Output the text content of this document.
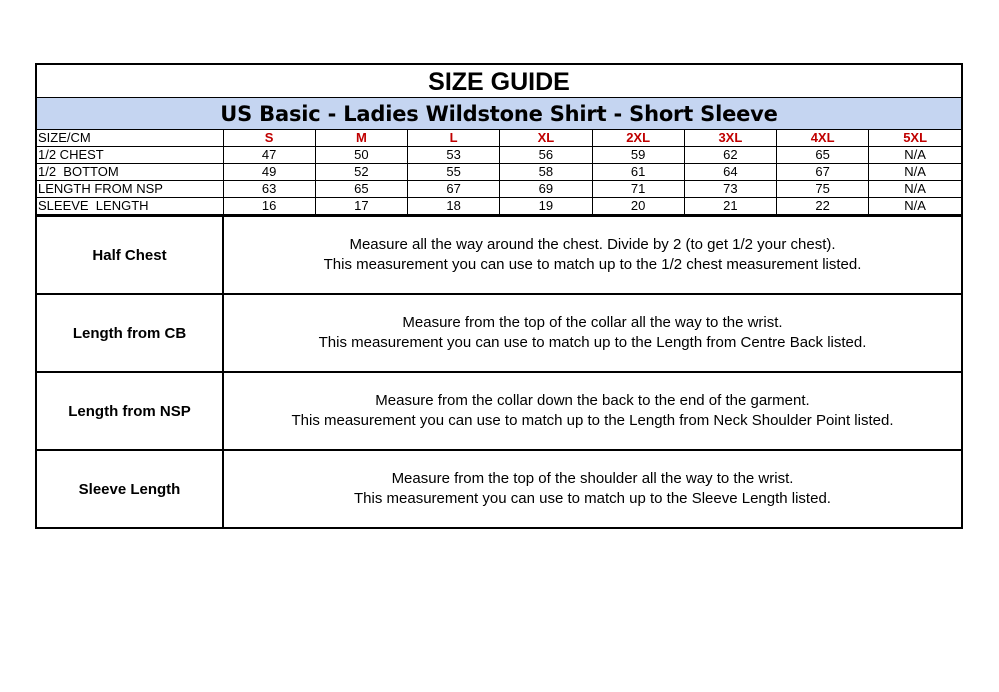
SIZE GUIDE
US Basic - Ladies Wildstone Shirt - Short Sleeve
SIZE/CM	S	M	L	XL	2XL	3XL	4XL	5XL
1/2 CHEST	47	50	53	56	59	62	65	N/A
1/2  BOTTOM	49	52	55	58	61	64	67	N/A
LENGTH FROM NSP	63	65	67	69	71	73	75	N/A
SLEEVE  LENGTH	16	17	18	19	20	21	22	N/A
Half Chest
Measure all the way around the chest. Divide by 2 (to get 1/2 your chest).
This measurement you can use to match up to the 1/2 chest measurement listed.
Length from CB
Measure from the top of the collar all the way to the wrist.
This measurement you can use to match up to the Length from Centre Back listed.
Length from NSP
Measure from the collar down the back to the end of the garment.
This measurement you can use to match up to the Length from Neck Shoulder Point listed.
Sleeve Length
Measure from the top of the shoulder all the way to the wrist.
This measurement you can use to match up to the Sleeve Length listed.
